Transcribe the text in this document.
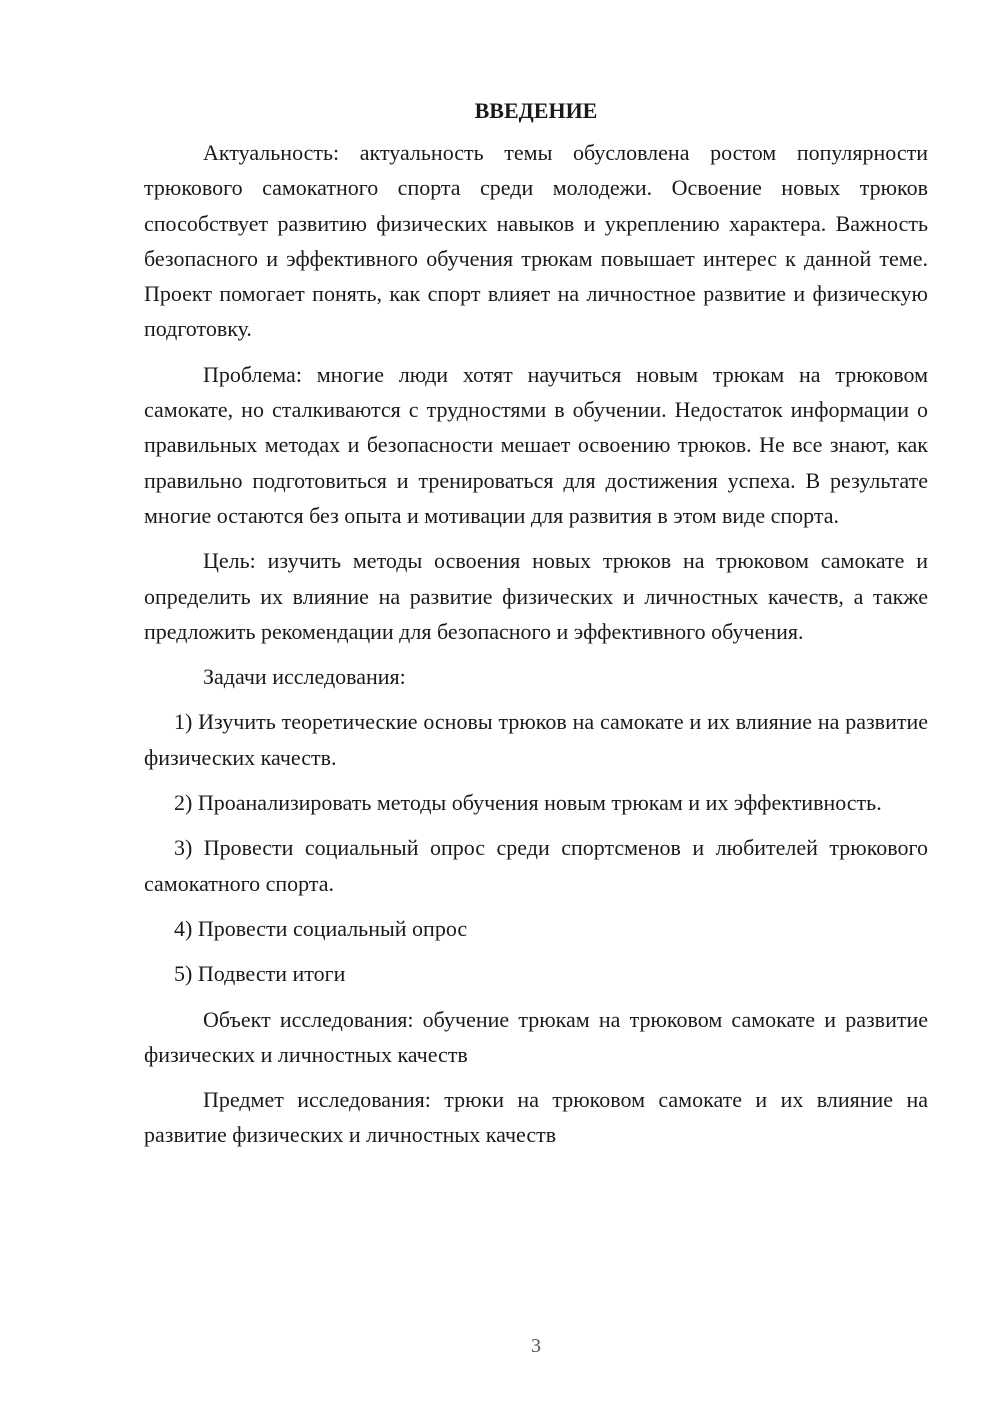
ВВЕДЕНИЕ

Актуальность: актуальность темы обусловлена ростом популярности трюкового самокатного спорта среди молодежи. Освоение новых трюков способствует развитию физических навыков и укреплению характера. Важность безопасного и эффективного обучения трюкам повышает интерес к данной теме. Проект помогает понять, как спорт влияет на личностное развитие и физическую подготовку.

Проблема: многие люди хотят научиться новым трюкам на трюковом самокате, но сталкиваются с трудностями в обучении. Недостаток информации о правильных методах и безопасности мешает освоению трюков. Не все знают, как правильно подготовиться и тренироваться для достижения успеха. В результате многие остаются без опыта и мотивации для развития в этом виде спорта.

Цель: изучить методы освоения новых трюков на трюковом самокате и определить их влияние на развитие физических и личностных качеств, а также предложить рекомендации для безопасного и эффективного обучения.

Задачи исследования:

1) Изучить теоретические основы трюков на самокате и их влияние на развитие физических качеств.

2) Проанализировать методы обучения новым трюкам и их эффективность.

3) Провести социальный опрос среди спортсменов и любителей трюкового самокатного спорта.

4) Провести социальный опрос

5) Подвести итоги

Объект исследования: обучение трюкам на трюковом самокате и развитие физических и личностных качеств

Предмет исследования: трюки на трюковом самокате и их влияние на развитие физических и личностных качеств

3
